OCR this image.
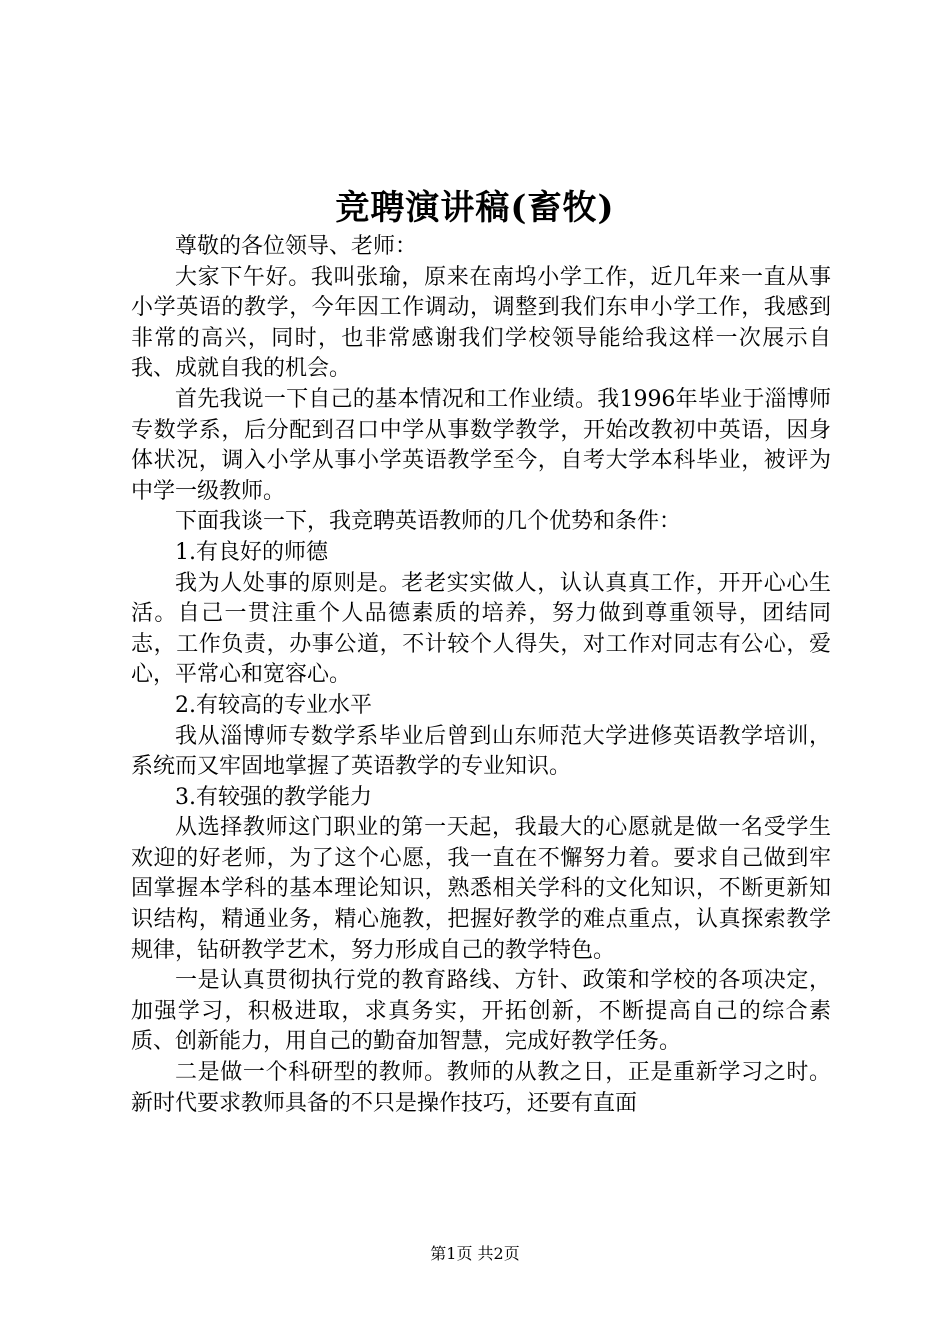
竞聘演讲稿(畜牧)

尊敬的各位领导、老师：

大家下午好。我叫张瑜，原来在南坞小学工作，近几年来一直从事小学英语的教学，今年因工作调动，调整到我们东申小学工作，我感到非常的高兴，同时，也非常感谢我们学校领导能给我这样一次展示自我、成就自我的机会。

首先我说一下自己的基本情况和工作业绩。我1996年毕业于淄博师专数学系，后分配到召口中学从事数学教学，开始改教初中英语，因身体状况，调入小学从事小学英语教学至今，自考大学本科毕业，被评为中学一级教师。

下面我谈一下，我竞聘英语教师的几个优势和条件：

1.有良好的师德

我为人处事的原则是。老老实实做人，认认真真工作，开开心心生活。自己一贯注重个人品德素质的培养，努力做到尊重领导，团结同志，工作负责，办事公道，不计较个人得失，对工作对同志有公心，爱心，平常心和宽容心。

2.有较高的专业水平

我从淄博师专数学系毕业后曾到山东师范大学进修英语教学培训，系统而又牢固地掌握了英语教学的专业知识。

3.有较强的教学能力

从选择教师这门职业的第一天起，我最大的心愿就是做一名受学生欢迎的好老师，为了这个心愿，我一直在不懈努力着。要求自己做到牢固掌握本学科的基本理论知识，熟悉相关学科的文化知识，不断更新知识结构，精通业务，精心施教，把握好教学的难点重点，认真探索教学规律，钻研教学艺术，努力形成自己的教学特色。

一是认真贯彻执行党的教育路线、方针、政策和学校的各项决定，加强学习，积极进取，求真务实，开拓创新，不断提高自己的综合素质、创新能力，用自己的勤奋加智慧，完成好教学任务。

二是做一个科研型的教师。教师的从教之日，正是重新学习之时。新时代要求教师具备的不只是操作技巧，还要有直面

第1页 共2页
